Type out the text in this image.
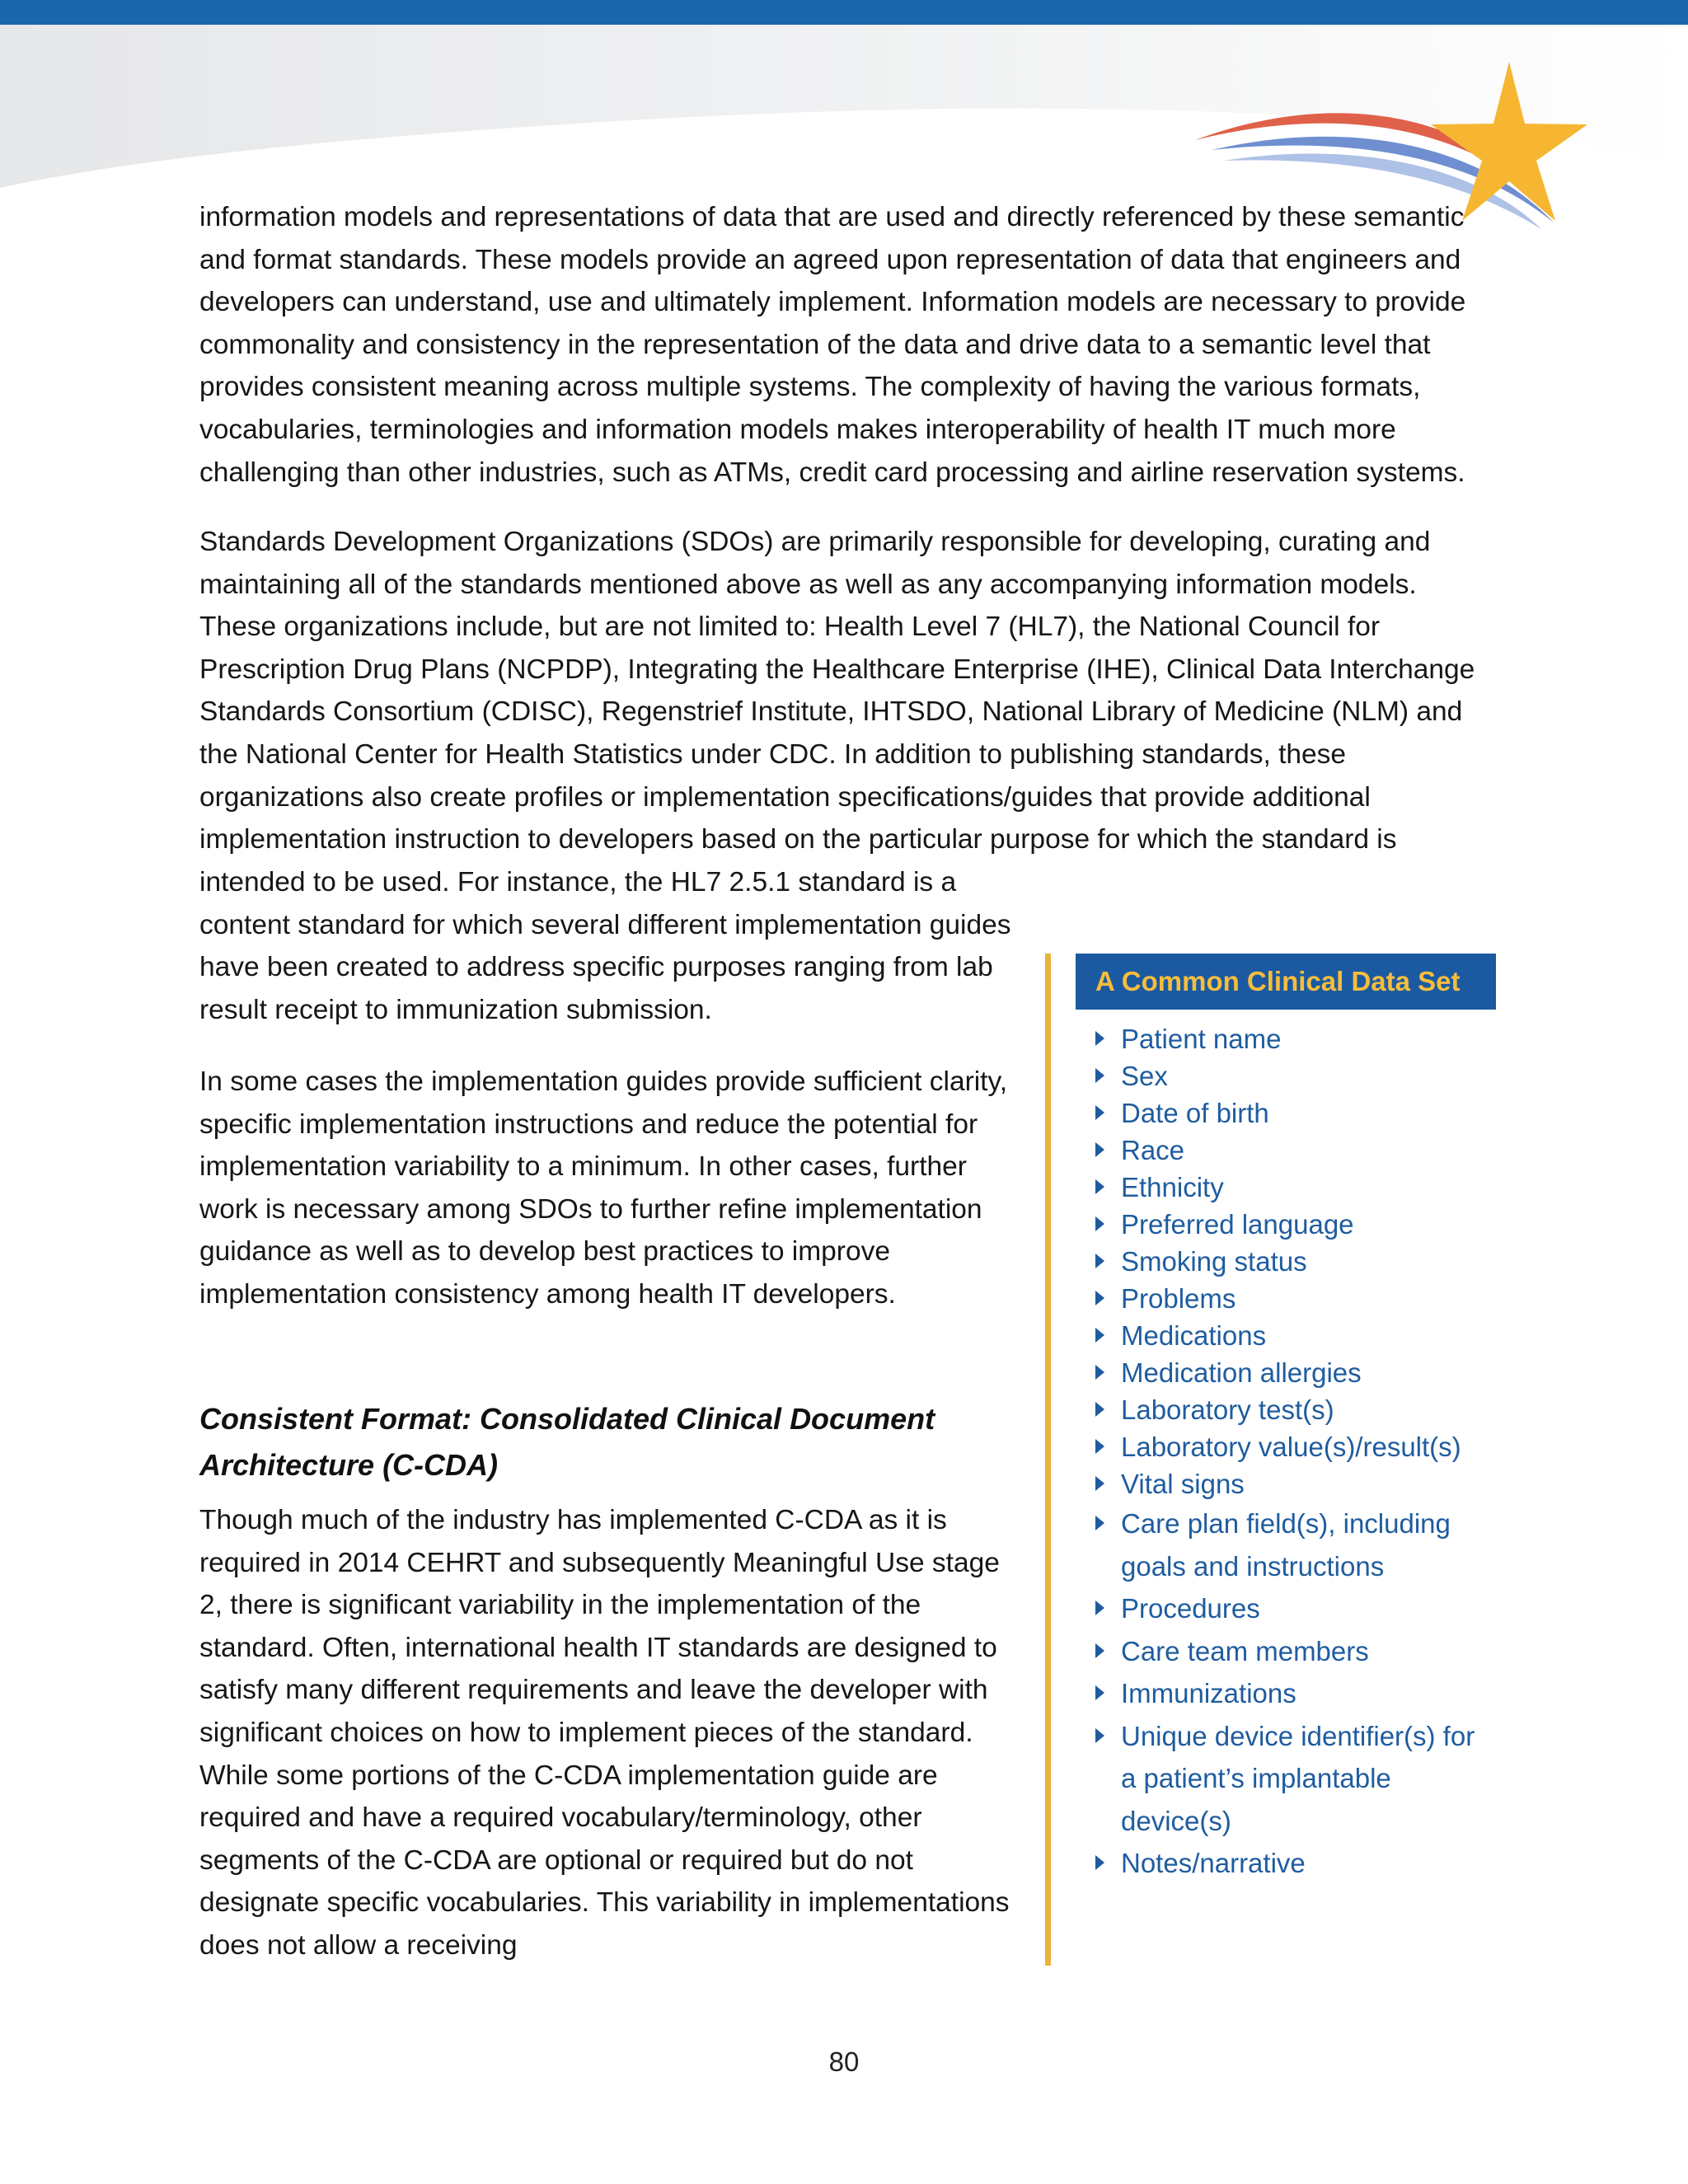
information models and representations of data that are used and directly referenced by these semantic and format standards. These models provide an agreed upon representation of data that engineers and developers can understand, use and ultimately implement. Information models are necessary to provide commonality and consistency in the representation of the data and drive data to a semantic level that provides consistent meaning across multiple systems. The complexity of having the various formats, vocabularies, terminologies and information models makes interoperability of health IT much more challenging than other industries, such as ATMs, credit card processing and airline reservation systems.

Standards Development Organizations (SDOs) are primarily responsible for developing, curating and maintaining all of the standards mentioned above as well as any accompanying information models. These organizations include, but are not limited to: Health Level 7 (HL7), the National Council for Prescription Drug Plans (NCPDP), Integrating the Healthcare Enterprise (IHE), Clinical Data Interchange Standards Consortium (CDISC), Regenstrief Institute, IHTSDO, National Library of Medicine (NLM) and the National Center for Health Statistics under CDC. In addition to publishing standards, these organizations also create profiles or implementation specifications/guides that provide additional implementation instruction to developers based on the particular purpose for which the standard is

intended to be used. For instance, the HL7 2.5.1 standard is a content standard for which several different implementation guides have been created to address specific purposes ranging from lab result receipt to immunization submission.

In some cases the implementation guides provide sufficient clarity, specific implementation instructions and reduce the potential for implementation variability to a minimum. In other cases, further work is necessary among SDOs to further refine implementation guidance as well as to develop best practices to improve implementation consistency among health IT developers.

Consistent Format: Consolidated Clinical Document Architecture (C-CDA)

Though much of the industry has implemented C-CDA as it is required in 2014 CEHRT and subsequently Meaningful Use stage 2, there is significant variability in the implementation of the standard. Often, international health IT standards are designed to satisfy many different requirements and leave the developer with significant choices on how to implement pieces of the standard. While some portions of the C-CDA implementation guide are required and have a required vocabulary/terminology, other segments of the C-CDA are optional or required but do not designate specific vocabularies. This variability in implementations does not allow a receiving

A Common Clinical Data Set
Patient name
Sex
Date of birth
Race
Ethnicity
Preferred language
Smoking status
Problems
Medications
Medication allergies
Laboratory test(s)
Laboratory value(s)/result(s)
Vital signs
Care plan field(s), including goals and instructions
Procedures
Care team members
Immunizations
Unique device identifier(s) for a patient’s implantable device(s)
Notes/narrative
80
